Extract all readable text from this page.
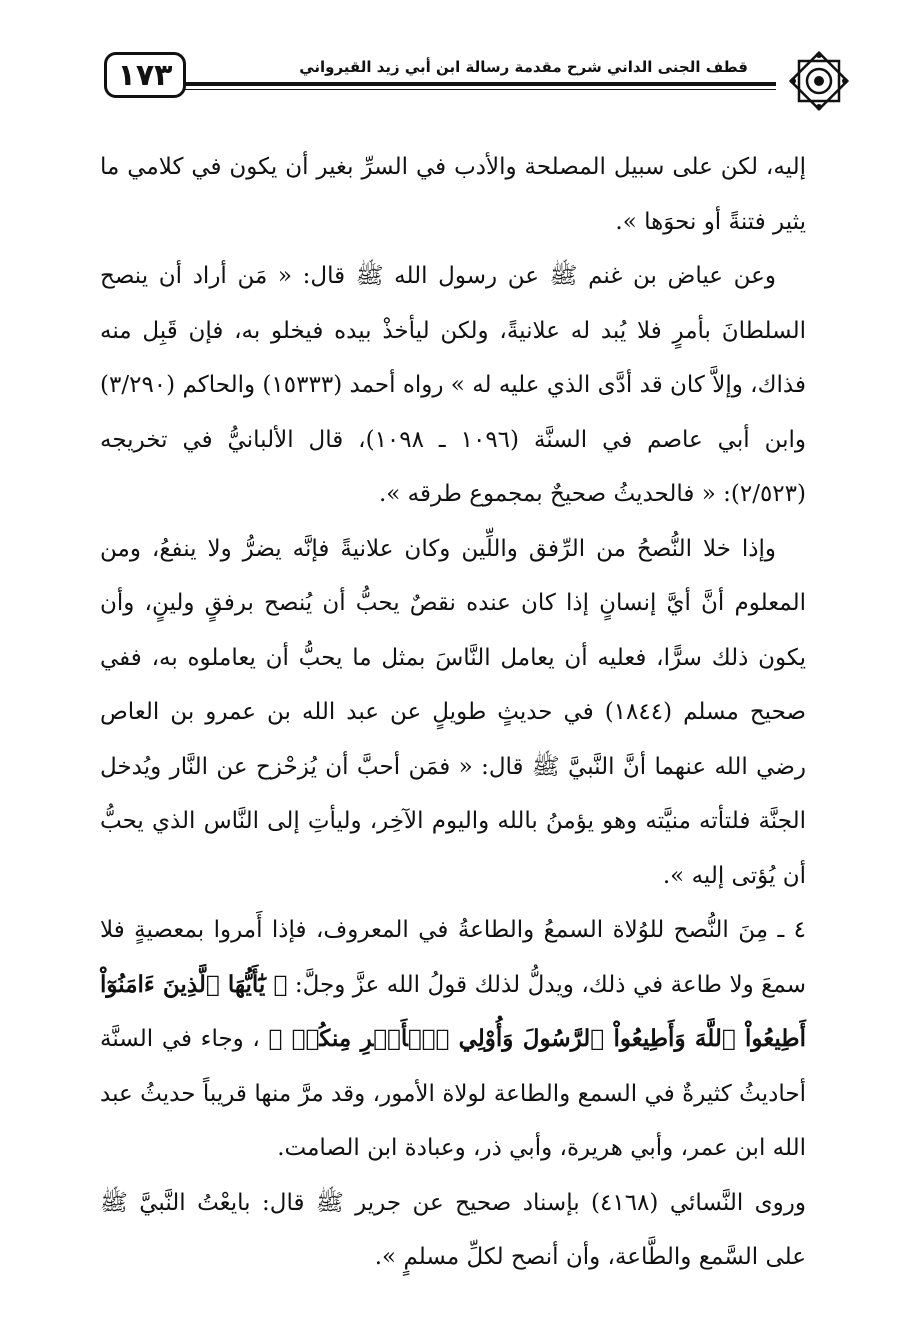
١٧٣	قطف الجنى الداني شرح مقدمة رسالة ابن أبي زيد القيرواني

إليه، لكن على سبيل المصلحة والأدب في السرِّ بغير أن يكون في كلامي ما يثير فتنةً أو نحوَها ».

وعن عياض بن غنم ﷺ عن رسول الله ﷺ قال: « مَن أراد أن ينصح السلطانَ بأمرٍ فلا يُبد له علانيةً، ولكن ليأخذْ بيده فيخلو به، فإن قَبِل منه فذاك، وإلاَّ كان قد أدَّى الذي عليه له » رواه أحمد (١٥٣٣٣) والحاكم (٣/٢٩٠) وابن أبي عاصم في السنَّة (١٠٩٦ ـ ١٠٩٨)، قال الألبانيُّ في تخريجه (٢/٥٢٣): « فالحديثُ صحيحٌ بمجموع طرقه ».

وإذا خلا النُّصحُ من الرِّفق واللِّين وكان علانيةً فإنَّه يضرُّ ولا ينفعُ، ومن المعلوم أنَّ أيَّ إنسانٍ إذا كان عنده نقصٌ يحبُّ أن يُنصح برفقٍ ولينٍ، وأن يكون ذلك سرًّا، فعليه أن يعامل النَّاسَ بمثل ما يحبُّ أن يعاملوه به، ففي صحيح مسلم (١٨٤٤) في حديثٍ طويلٍ عن عبد الله بن عمرو بن العاص رضي الله عنهما أنَّ النَّبيَّ ﷺ قال: « فمَن أحبَّ أن يُزحْزح عن النَّار ويُدخل الجنَّة فلتأته منيَّته وهو يؤمنُ بالله واليوم الآخِر، وليأتِ إلى النَّاس الذي يحبُّ أن يُؤتى إليه ».

٤ ـ مِنَ النُّصح للوُلاة السمعُ والطاعةُ في المعروف، فإذا أَمروا بمعصيةٍ فلا سمعَ ولا طاعة في ذلك، ويدلُّ لذلك قولُ الله عزَّ وجلَّ: ﴿ يَٰٓأَيُّهَا ٱلَّذِينَ ءَامَنُوٓاْ أَطِيعُواْ ٱللَّهَ وَأَطِيعُواْ ٱلرَّسُولَ وَأُوْلِي ٱلۡأَمۡرِ مِنكُمۡ ﴾ ، وجاء في السنَّة أحاديثُ كثيرةٌ في السمع والطاعة لولاة الأمور، وقد مرَّ منها قريباً حديثُ عبد الله ابن عمر، وأبي هريرة، وأبي ذر، وعبادة ابن الصامت.

وروى النَّسائي (٤١٦٨) بإسناد صحيح عن جرير ﷺ قال: بايعْتُ النَّبيَّ ﷺ على السَّمع والطَّاعة، وأن أنصح لكلِّ مسلمٍ ».
